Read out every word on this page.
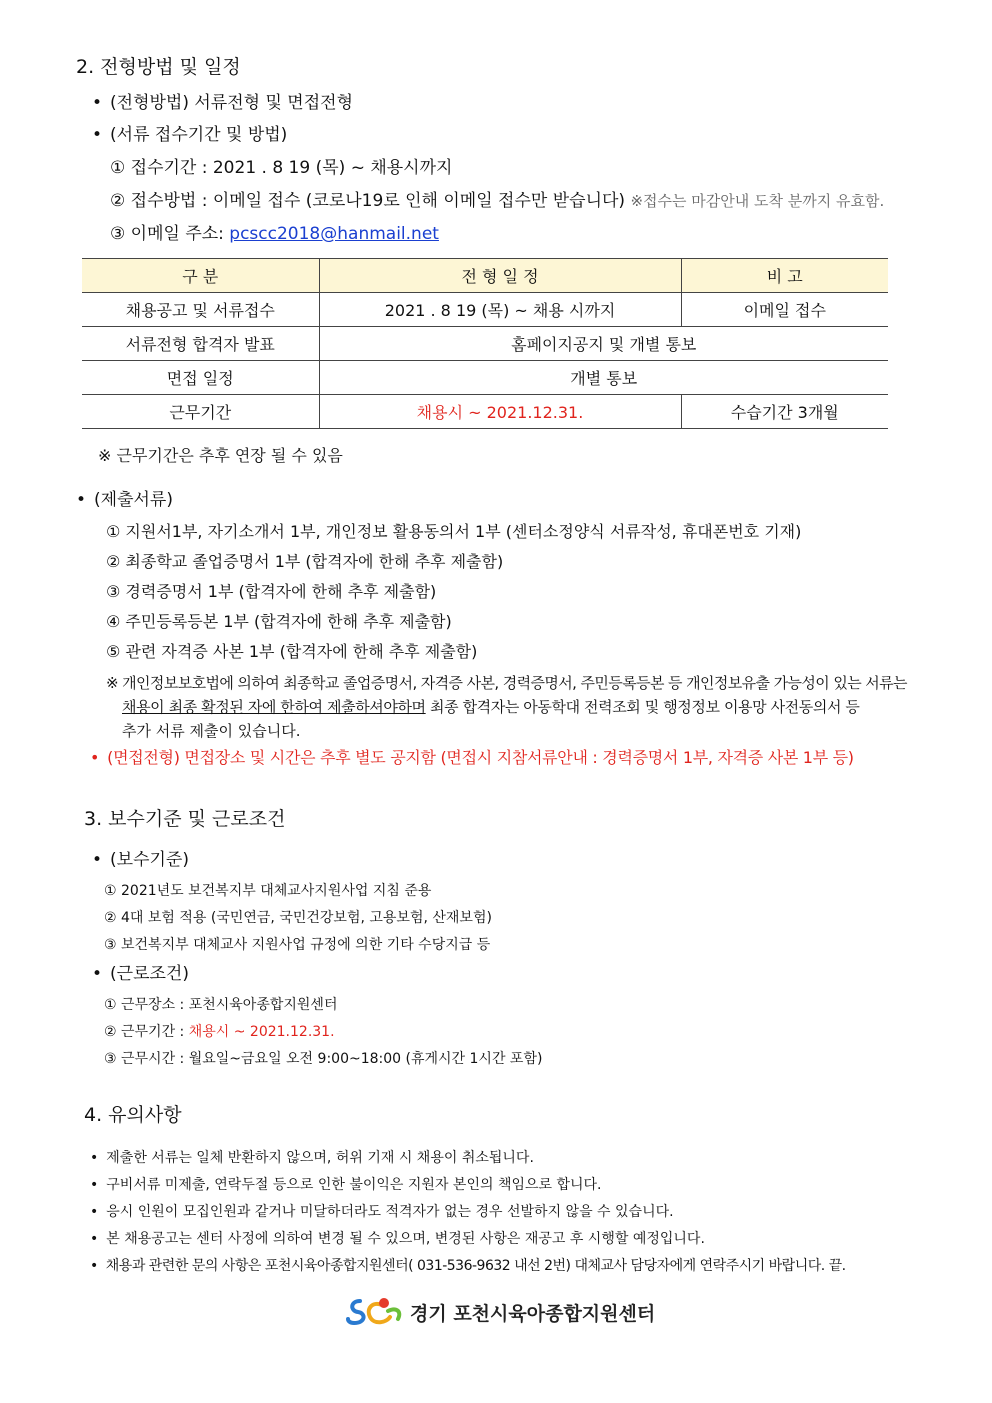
2. 전형방법 및 일정
• (전형방법) 서류전형 및 면접전형
• (서류 접수기간 및 방법)
① 접수기간 : 2021 . 8 19 (목) ~ 채용시까지
② 접수방법 : 이메일 접수 (코로나19로 인해 이메일 접수만 받습니다) ※접수는 마감안내 도착 분까지 유효함.
③ 이메일 주소: pcscc2018@hanmail.net
구 분	전 형 일 정	비 고
채용공고 및 서류접수	2021 . 8 19 (목) ~ 채용 시까지	이메일 접수
서류전형 합격자 발표	홈페이지공지 및 개별 통보	
면접 일정	개별 통보	
근무기간	채용시 ~ 2021.12.31.	수습기간 3개월
※ 근무기간은 추후 연장 될 수 있음
• (제출서류)
① 지원서1부, 자기소개서 1부, 개인정보 활용동의서 1부 (센터소정양식 서류작성, 휴대폰번호 기재)
② 최종학교 졸업증명서 1부 (합격자에 한해 추후 제출함)
③ 경력증명서 1부 (합격자에 한해 추후 제출함)
④ 주민등록등본 1부 (합격자에 한해 추후 제출함)
⑤ 관련 자격증 사본 1부 (합격자에 한해 추후 제출함)
※ 개인정보보호법에 의하여 최종학교 졸업증명서, 자격증 사본, 경력증명서, 주민등록등본 등 개인정보유출 가능성이 있는 서류는
채용이 최종 확정된 자에 한하여 제출하셔야하며 최종 합격자는 아동학대 전력조회 및 행정정보 이용망 사전동의서 등
추가 서류 제출이 있습니다.
• (면접전형) 면접장소 및 시간은 추후 별도 공지함 (면접시 지참서류안내 : 경력증명서 1부, 자격증 사본 1부 등)
3. 보수기준 및 근로조건
• (보수기준)
① 2021년도 보건복지부 대체교사지원사업 지침 준용
② 4대 보험 적용 (국민연금, 국민건강보험, 고용보험, 산재보험)
③ 보건복지부 대체교사 지원사업 규정에 의한 기타 수당지급 등
• (근로조건)
① 근무장소 : 포천시육아종합지원센터
② 근무기간 : 채용시 ~ 2021.12.31.
③ 근무시간 : 월요일~금요일 오전 9:00~18:00 (휴게시간 1시간 포함)
4. 유의사항
• 제출한 서류는 일체 반환하지 않으며, 허위 기재 시 채용이 취소됩니다.
• 구비서류 미제출, 연락두절 등으로 인한 불이익은 지원자 본인의 책임으로 합니다.
• 응시 인원이 모집인원과 같거나 미달하더라도 적격자가 없는 경우 선발하지 않을 수 있습니다.
• 본 채용공고는 센터 사정에 의하여 변경 될 수 있으며, 변경된 사항은 재공고 후 시행할 예정입니다.
• 채용과 관련한 문의 사항은 포천시육아종합지원센터( 031-536-9632 내선 2번) 대체교사 담당자에게 연락주시기 바랍니다. 끝.
경기 포천시육아종합지원센터
